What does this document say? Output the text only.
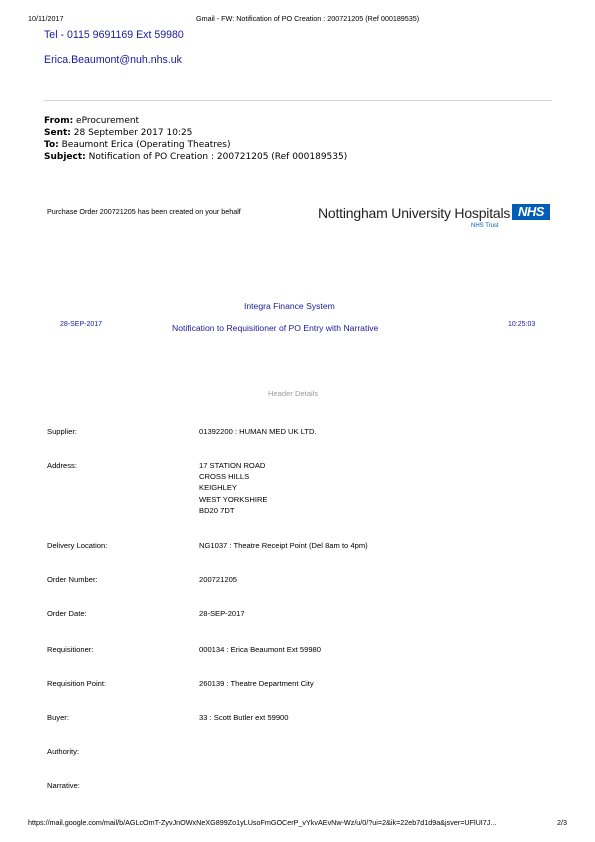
10/11/2017	Gmail - FW: Notification of PO Creation : 200721205 (Ref 000189535)
Tel - 0115 9691169 Ext 59980
Erica.Beaumont@nuh.nhs.uk
From: eProcurement
Sent: 28 September 2017 10:25
To: Beaumont Erica (Operating Theatres)
Subject: Notification of PO Creation : 200721205 (Ref 000189535)
Purchase Order 200721205 has been created on your behalf	Nottingham University Hospitals NHS
NHS Trust
Integra Finance System
28-SEP-2017	Notification to Requisitioner of PO Entry with Narrative	10:25:03
Header Details
Supplier:	01392200 : HUMAN MED UK LTD.
Address:	17 STATION ROAD
CROSS HILLS
KEIGHLEY
WEST YORKSHIRE
BD20 7DT
Delivery Location:	NG1037 : Theatre Receipt Point (Del 8am to 4pm)
Order Number:	200721205
Order Date:	28-SEP-2017
Requisitioner:	000134 : Erica Beaumont Ext 59980
Requisition Point:	260139 : Theatre Department City
Buyer:	33 : Scott Butler ext 59900
Authority:
Narrative:
https://mail.google.com/mail/b/AGLcOmT-ZyvJnOWxNeXG899Zo1yLUsoFmGOCerP_vYkvAEvNw-Wz/u/0/?ui=2&ik=22eb7d1d9a&jsver=UFlUI7J...	2/3
